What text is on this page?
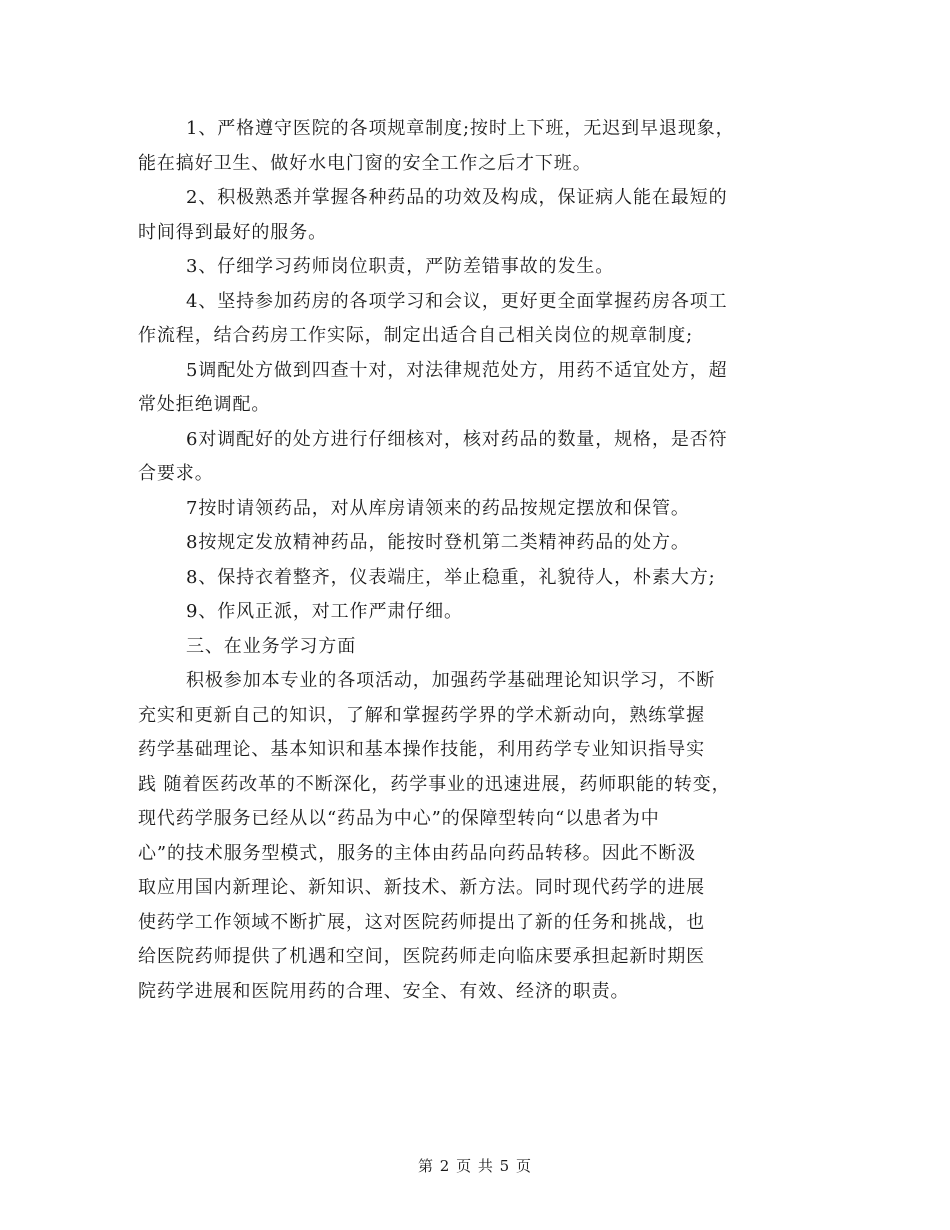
1、严格遵守医院的各项规章制度;按时上下班，无迟到早退现象，
能在搞好卫生、做好水电门窗的安全工作之后才下班。
2、积极熟悉并掌握各种药品的功效及构成，保证病人能在最短的
时间得到最好的服务。
3、仔细学习药师岗位职责，严防差错事故的发生。
4、坚持参加药房的各项学习和会议，更好更全面掌握药房各项工
作流程，结合药房工作实际，制定出适合自己相关岗位的规章制度;
5调配处方做到四查十对，对法律规范处方，用药不适宜处方，超
常处拒绝调配。
6对调配好的处方进行仔细核对，核对药品的数量，规格，是否符
合要求。
7按时请领药品，对从库房请领来的药品按规定摆放和保管。
8按规定发放精神药品，能按时登机第二类精神药品的处方。
8、保持衣着整齐，仪表端庄，举止稳重，礼貌待人，朴素大方;
9、作风正派，对工作严肃仔细。
三、在业务学习方面
积极参加本专业的各项活动，加强药学基础理论知识学习，不断
充实和更新自己的知识，了解和掌握药学界的学术新动向，熟练掌握
药学基础理论、基本知识和基本操作技能，利用药学专业知识指导实
践 随着医药改革的不断深化，药学事业的迅速进展，药师职能的转变，
现代药学服务已经从以“药品为中心”的保障型转向“以患者为中
心”的技术服务型模式，服务的主体由药品向药品转移。因此不断汲
取应用国内新理论、新知识、新技术、新方法。同时现代药学的进展
使药学工作领域不断扩展，这对医院药师提出了新的任务和挑战，也
给医院药师提供了机遇和空间，医院药师走向临床要承担起新时期医
院药学进展和医院用药的合理、安全、有效、经济的职责。
第 2 页 共 5 页
